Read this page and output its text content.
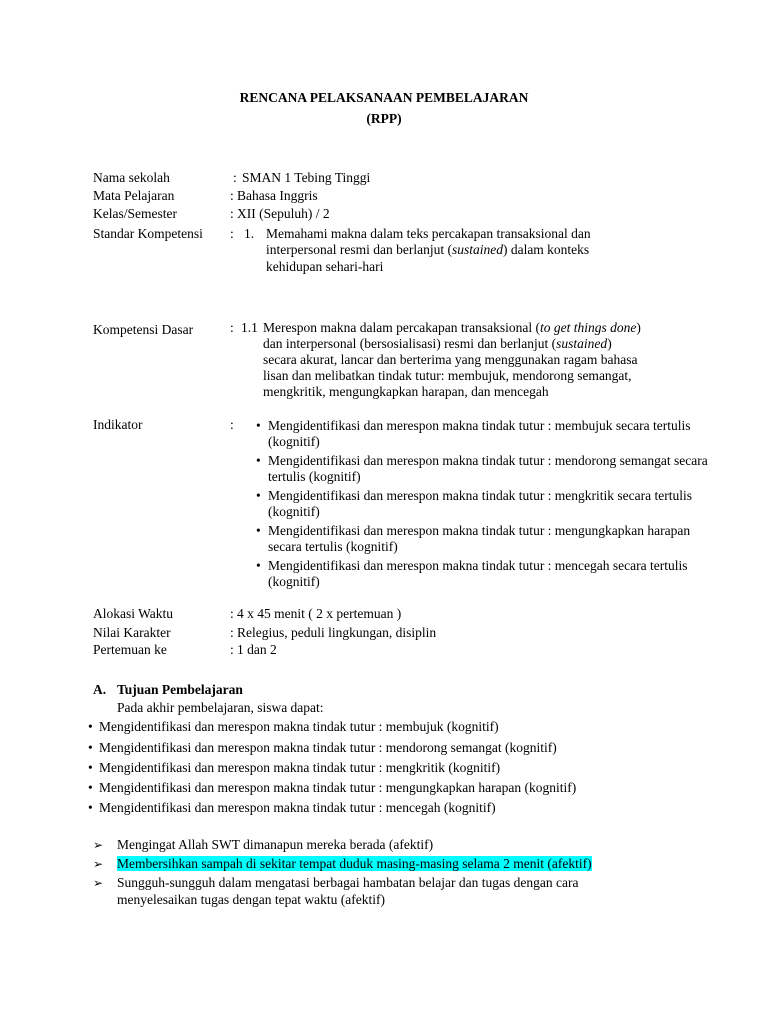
RENCANA PELAKSANAAN PEMBELAJARAN
(RPP)
Nama sekolah	: SMAN 1 Tebing Tinggi
Mata Pelajaran	: Bahasa Inggris
Kelas/Semester	: XII (Sepuluh) / 2
Standar Kompetensi : 1. Memahami makna dalam teks percakapan transaksional dan
interpersonal resmi dan berlanjut (sustained) dalam konteks
kehidupan sehari-hari
Kompetensi Dasar	: 1.1 Merespon makna dalam percakapan transaksional (to get things done)
dan interpersonal (bersosialisasi) resmi dan berlanjut (sustained)
secara akurat, lancar dan berterima yang menggunakan ragam bahasa
lisan dan melibatkan tindak tutur: membujuk, mendorong semangat,
mengkritik, mengungkapkan harapan, dan mencegah
Indikator	: • Mengidentifikasi dan merespon makna tindak tutur : membujuk secara tertulis
(kognitif)
• Mengidentifikasi dan merespon makna tindak tutur : mendorong semangat secara
tertulis (kognitif)
• Mengidentifikasi dan merespon makna tindak tutur : mengkritik secara tertulis
(kognitif)
• Mengidentifikasi dan merespon makna tindak tutur : mengungkapkan harapan
secara tertulis (kognitif)
• Mengidentifikasi dan merespon makna tindak tutur : mencegah secara tertulis
(kognitif)
Alokasi Waktu	: 4 x 45 menit ( 2 x pertemuan )
Nilai Karakter	: Relegius, peduli lingkungan, disiplin
Pertemuan ke	: 1 dan 2
A. Tujuan Pembelajaran
Pada akhir pembelajaran, siswa dapat:
• Mengidentifikasi dan merespon makna tindak tutur : membujuk (kognitif)
• Mengidentifikasi dan merespon makna tindak tutur : mendorong semangat (kognitif)
• Mengidentifikasi dan merespon makna tindak tutur : mengkritik (kognitif)
• Mengidentifikasi dan merespon makna tindak tutur : mengungkapkan harapan (kognitif)
• Mengidentifikasi dan merespon makna tindak tutur : mencegah (kognitif)
➢ Mengingat Allah SWT dimanapun mereka berada (afektif)
➢ Membersihkan sampah di sekitar tempat duduk masing-masing selama 2 menit (afektif)
➢ Sungguh-sungguh dalam mengatasi berbagai hambatan belajar dan tugas dengan cara
menyelesaikan tugas dengan tepat waktu (afektif)
